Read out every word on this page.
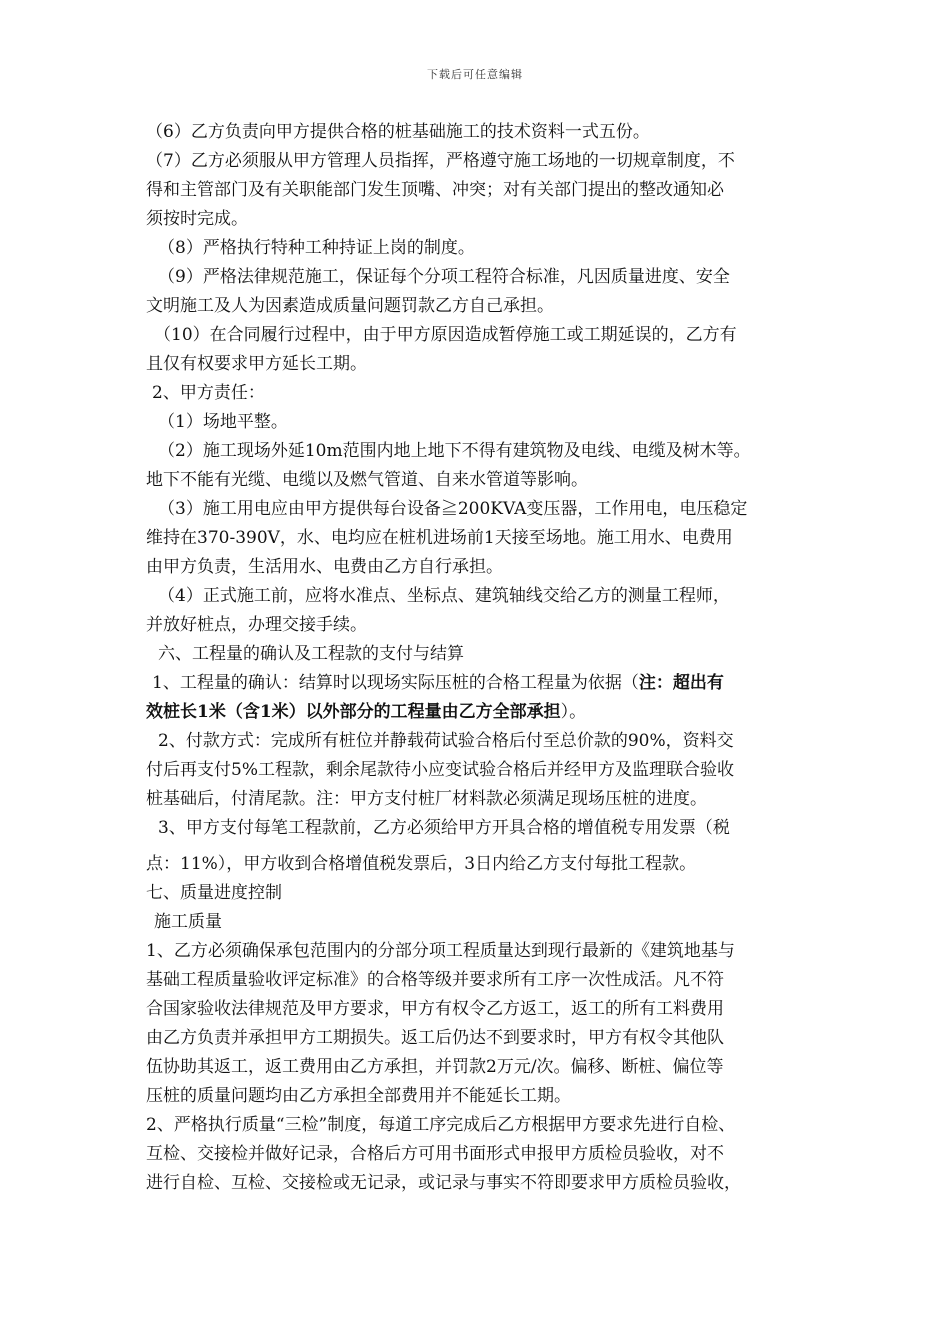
下载后可任意编辑
（6）乙方负责向甲方提供合格的桩基础施工的技术资料一式五份。
（7）乙方必须服从甲方管理人员指挥，严格遵守施工场地的一切规章制度，不
得和主管部门及有关职能部门发生顶嘴、冲突；对有关部门提出的整改通知必
须按时完成。
（8）严格执行特种工种持证上岗的制度。
（9）严格法律规范施工，保证每个分项工程符合标准，凡因质量进度、安全
文明施工及人为因素造成质量问题罚款乙方自己承担。
（10）在合同履行过程中，由于甲方原因造成暂停施工或工期延误的，乙方有
且仅有权要求甲方延长工期。
2、甲方责任：
（1）场地平整。
（2）施工现场外延10m范围内地上地下不得有建筑物及电线、电缆及树木等。
地下不能有光缆、电缆以及燃气管道、自来水管道等影响。
（3）施工用电应由甲方提供每台设备≧200KVA变压器，工作用电，电压稳定
维持在370-390V，水、电均应在桩机进场前1天接至场地。施工用水、电费用
由甲方负责，生活用水、电费由乙方自行承担。
（4）正式施工前，应将水准点、坐标点、建筑轴线交给乙方的测量工程师，
并放好桩点，办理交接手续。
六、工程量的确认及工程款的支付与结算
1、工程量的确认：结算时以现场实际压桩的合格工程量为依据（注：超出有
效桩长1米（含1米）以外部分的工程量由乙方全部承担）。
2、付款方式：完成所有桩位并静载荷试验合格后付至总价款的90%，资料交
付后再支付5%工程款，剩余尾款待小应变试验合格后并经甲方及监理联合验收
桩基础后，付清尾款。注：甲方支付桩厂材料款必须满足现场压桩的进度。
3、甲方支付每笔工程款前，乙方必须给甲方开具合格的增值税专用发票（税
点：11%），甲方收到合格增值税发票后，3日内给乙方支付每批工程款。
七、质量进度控制
施工质量
1、乙方必须确保承包范围内的分部分项工程质量达到现行最新的《建筑地基与
基础工程质量验收评定标准》的合格等级并要求所有工序一次性成活。凡不符
合国家验收法律规范及甲方要求，甲方有权令乙方返工，返工的所有工料费用
由乙方负责并承担甲方工期损失。返工后仍达不到要求时，甲方有权令其他队
伍协助其返工，返工费用由乙方承担，并罚款2万元/次。偏移、断桩、偏位等
压桩的质量问题均由乙方承担全部费用并不能延长工期。
2、严格执行质量“三检”制度，每道工序完成后乙方根据甲方要求先进行自检、
互检、交接检并做好记录，合格后方可用书面形式申报甲方质检员验收，对不
进行自检、互检、交接检或无记录，或记录与事实不符即要求甲方质检员验收，
